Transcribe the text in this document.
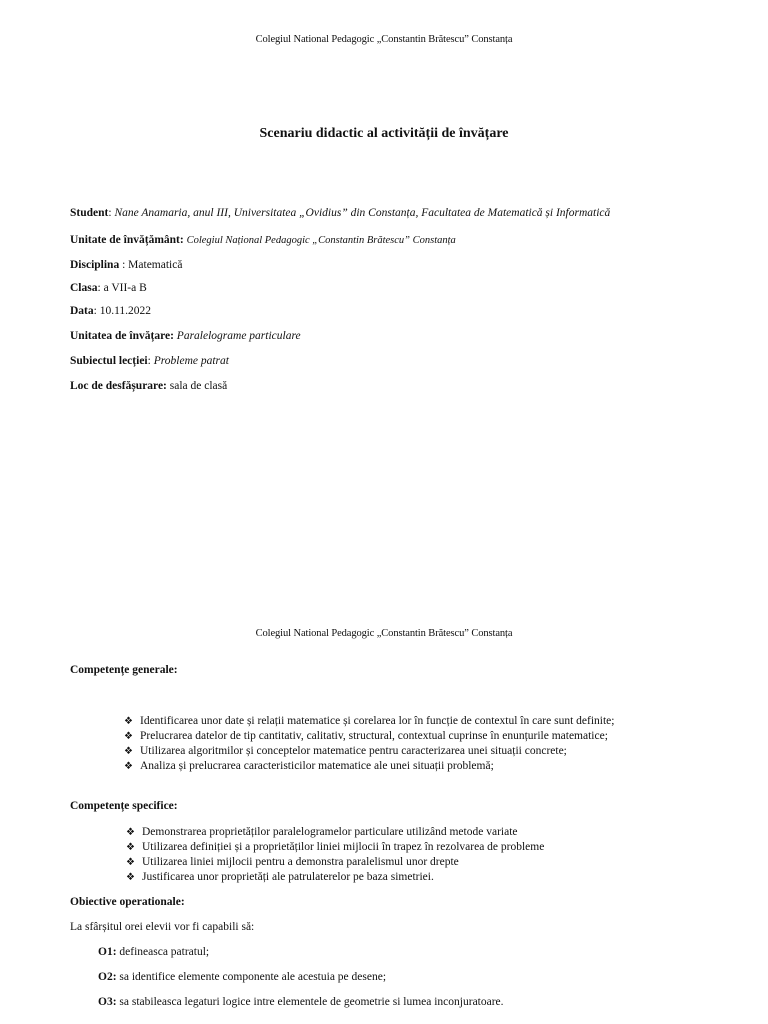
Colegiul National Pedagogic „Constantin Brătescu” Constanța
Scenariu didactic al activității de învățare
Student: Nane Anamaria, anul III, Universitatea „Ovidius” din Constanța, Facultatea de Matematică și Informatică
Unitate de învățământ: Colegiul Național Pedagogic „Constantin Brătescu” Constanța
Disciplina : Matematică
Clasa: a VII-a B
Data: 10.11.2022
Unitatea de învățare: Paralelograme particulare
Subiectul lecției: Probleme patrat
Loc de desfășurare: sala de clasă
Colegiul National Pedagogic „Constantin Brătescu” Constanța
Competențe generale:
❖ Identificarea unor date și relații matematice și corelarea lor în funcție de contextul în care sunt definite;
❖ Prelucrarea datelor de tip cantitativ, calitativ, structural, contextual cuprinse în enunțurile matematice;
❖ Utilizarea algoritmilor și conceptelor matematice pentru caracterizarea unei situații concrete;
❖ Analiza și prelucrarea caracteristicilor matematice ale unei situații problemă;
Competențe specifice:
❖ Demonstrarea proprietăților paralelogramelor particulare utilizând metode variate
❖ Utilizarea definiției și a proprietăților liniei mijlocii în trapez în rezolvarea de probleme
❖ Utilizarea liniei mijlocii pentru a demonstra paralelismul unor drepte
❖ Justificarea unor proprietăți ale patrulaterelor pe baza simetriei.
Obiective operationale:
La sfârșitul orei elevii vor fi capabili să:
O1: defineasca patratul;
O2: sa identifice elemente componente ale acestuia pe desene;
O3: sa stabileasca legaturi logice intre elementele de geometrie si lumea inconjuratoare.
